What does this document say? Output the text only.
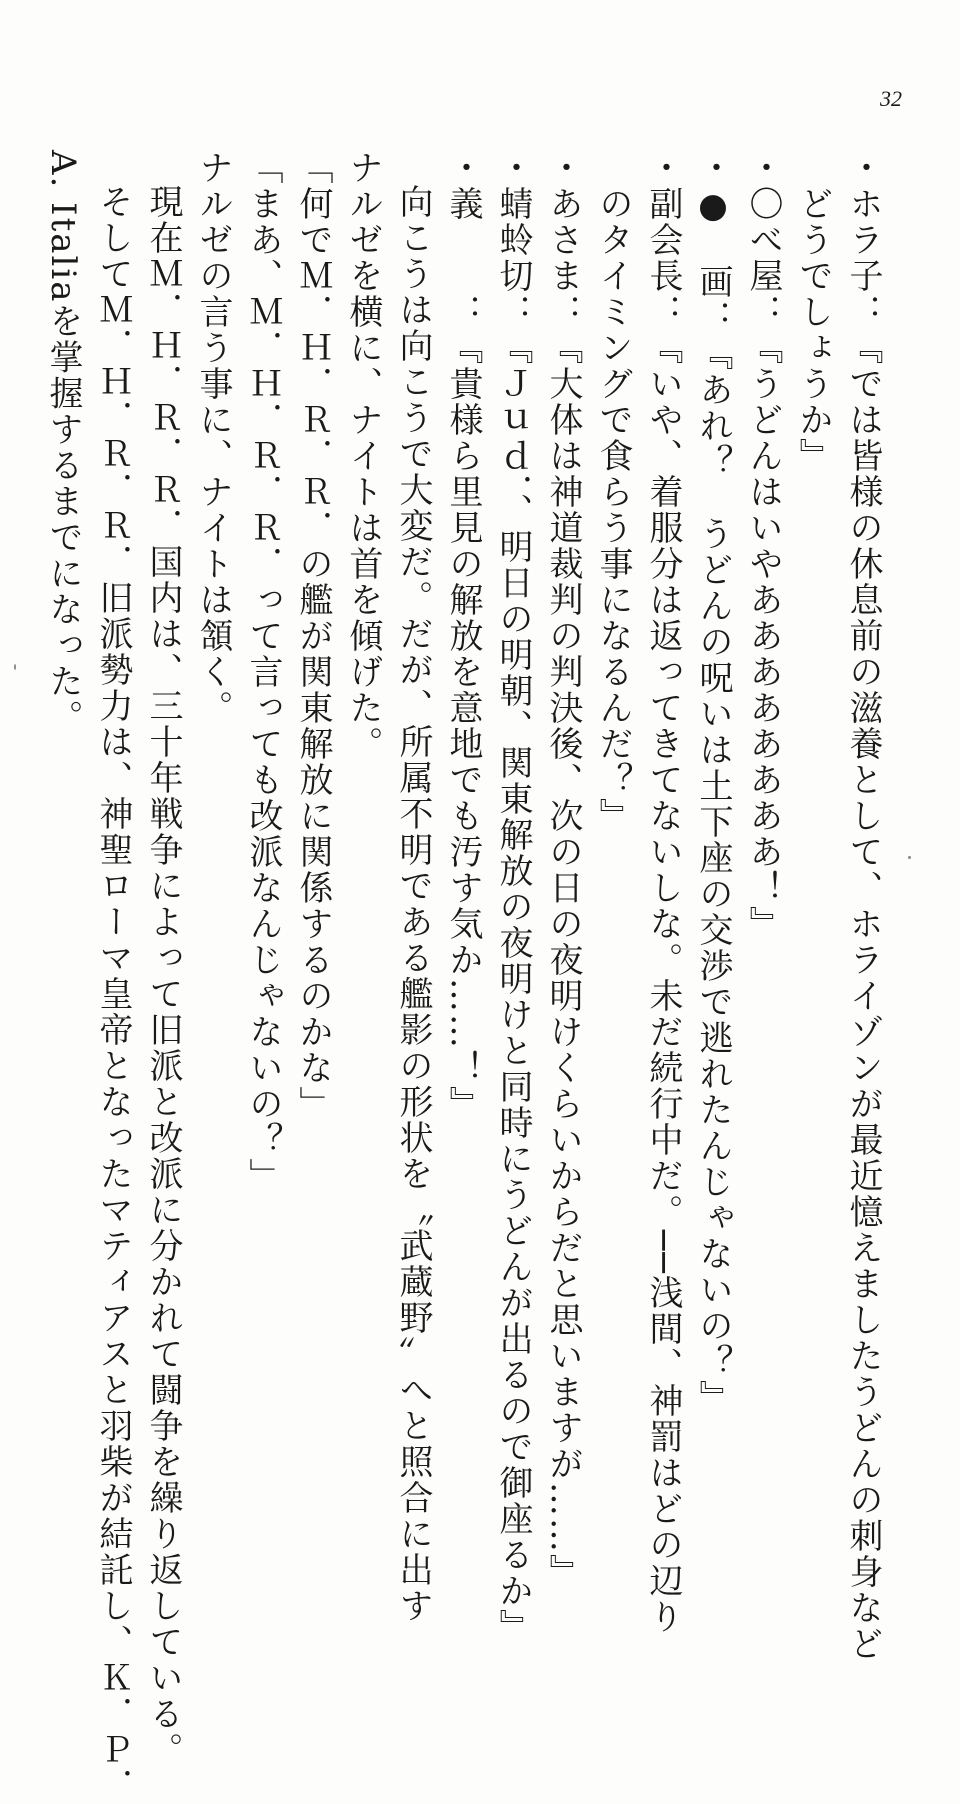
32
・ホラ子：『では皆様の休息前の滋養として、ホライゾンが最近憶えましたうどんの刺身など
どうでしょうか』
・〇べ屋：『うどんはいやああああああああ！』
・●　画：『あれ？　うどんの呪いは土下座の交渉で逃れたんじゃないの？』
・副会長：『いや、着服分は返ってきてないしな。未だ続行中だ。──浅間、神罰はどの辺り
のタイミングで食らう事になるんだ？』
・あさま：『大体は神道裁判の判決後、次の日の夜明けくらいからだと思いますが……』
・蜻蛉切：『Ｊｕｄ．、明日の明朝、関東解放の夜明けと同時にうどんが出るので御座るか』
・義　　：『貴様ら里見の解放を意地でも汚す気か……！』
向こうは向こうで大変だ。だが、所属不明である艦影の形状を〝武蔵野〟へと照合に出す
ナルゼを横に、ナイトは首を傾げた。
「何でＭ．Ｈ．Ｒ．Ｒ．の艦が関東解放に関係するのかな」
「まあ、Ｍ．Ｈ．Ｒ．Ｒ．って言っても改派なんじゃないの？」
ナルゼの言う事に、ナイトは頷く。
現在Ｍ．Ｈ．Ｒ．Ｒ．国内は、三十年戦争によって旧派と改派に分かれて闘争を繰り返している。
そしてＭ．Ｈ．Ｒ．Ｒ．旧派勢力は、神聖ローマ皇帝となったマティアスと羽柴が結託し、Ｋ．Ｐ．
A. Italiaを掌握するまでになった。
